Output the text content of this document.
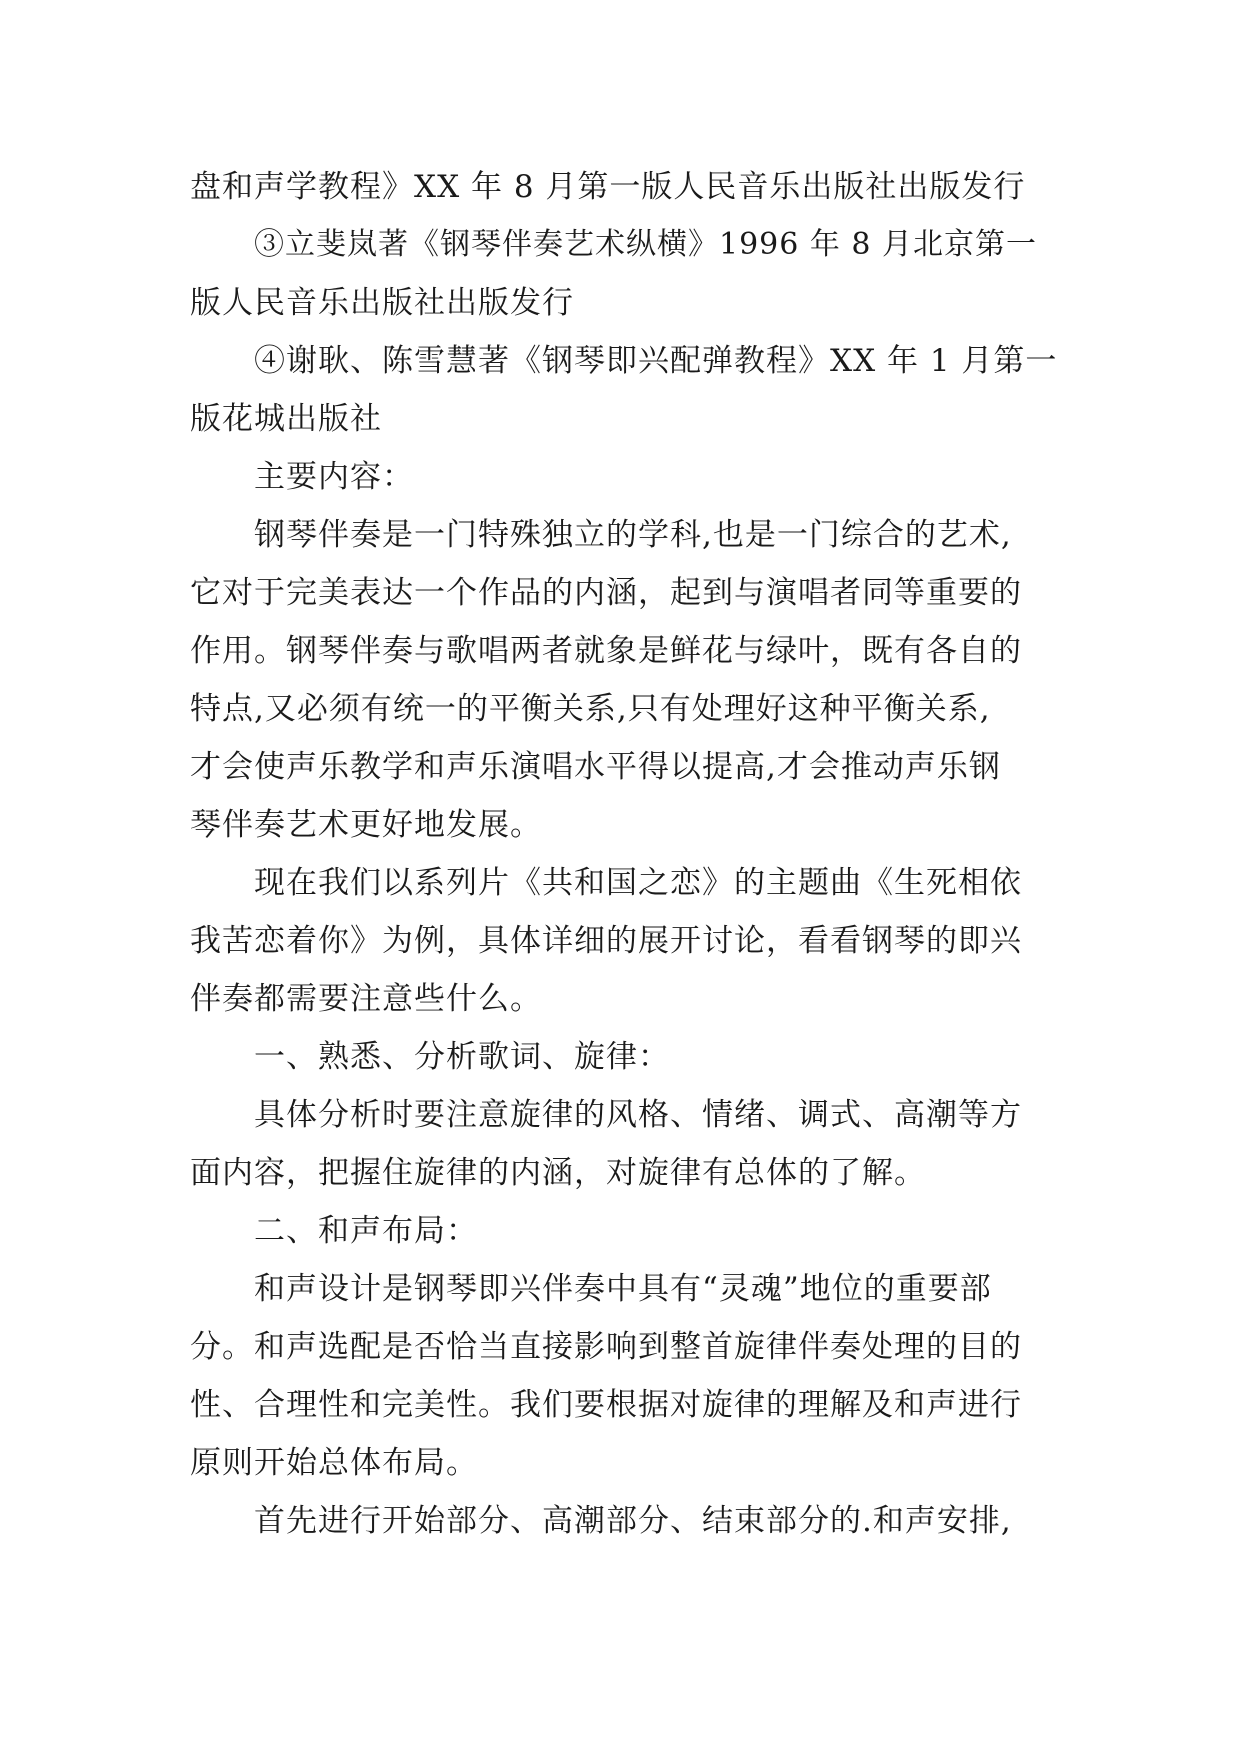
盘和声学教程》XX 年 8 月第一版人民音乐出版社出版发行
③立斐岚著《钢琴伴奏艺术纵横》1996 年 8 月北京第一
版人民音乐出版社出版发行
④谢耿、陈雪慧著《钢琴即兴配弹教程》XX 年 1 月第一
版花城出版社
主要内容：
钢琴伴奏是一门特殊独立的学科,也是一门综合的艺术,
它对于完美表达一个作品的内涵，起到与演唱者同等重要的
作用。钢琴伴奏与歌唱两者就象是鲜花与绿叶，既有各自的
特点,又必须有统一的平衡关系,只有处理好这种平衡关系,
才会使声乐教学和声乐演唱水平得以提高,才会推动声乐钢
琴伴奏艺术更好地发展。
现在我们以系列片《共和国之恋》的主题曲《生死相依
我苦恋着你》为例，具体详细的展开讨论，看看钢琴的即兴
伴奏都需要注意些什么。
一、熟悉、分析歌词、旋律：
具体分析时要注意旋律的风格、情绪、调式、高潮等方
面内容，把握住旋律的内涵，对旋律有总体的了解。
二、和声布局：
和声设计是钢琴即兴伴奏中具有“灵魂”地位的重要部
分。和声选配是否恰当直接影响到整首旋律伴奏处理的目的
性、合理性和完美性。我们要根据对旋律的理解及和声进行
原则开始总体布局。
首先进行开始部分、高潮部分、结束部分的.和声安排,
